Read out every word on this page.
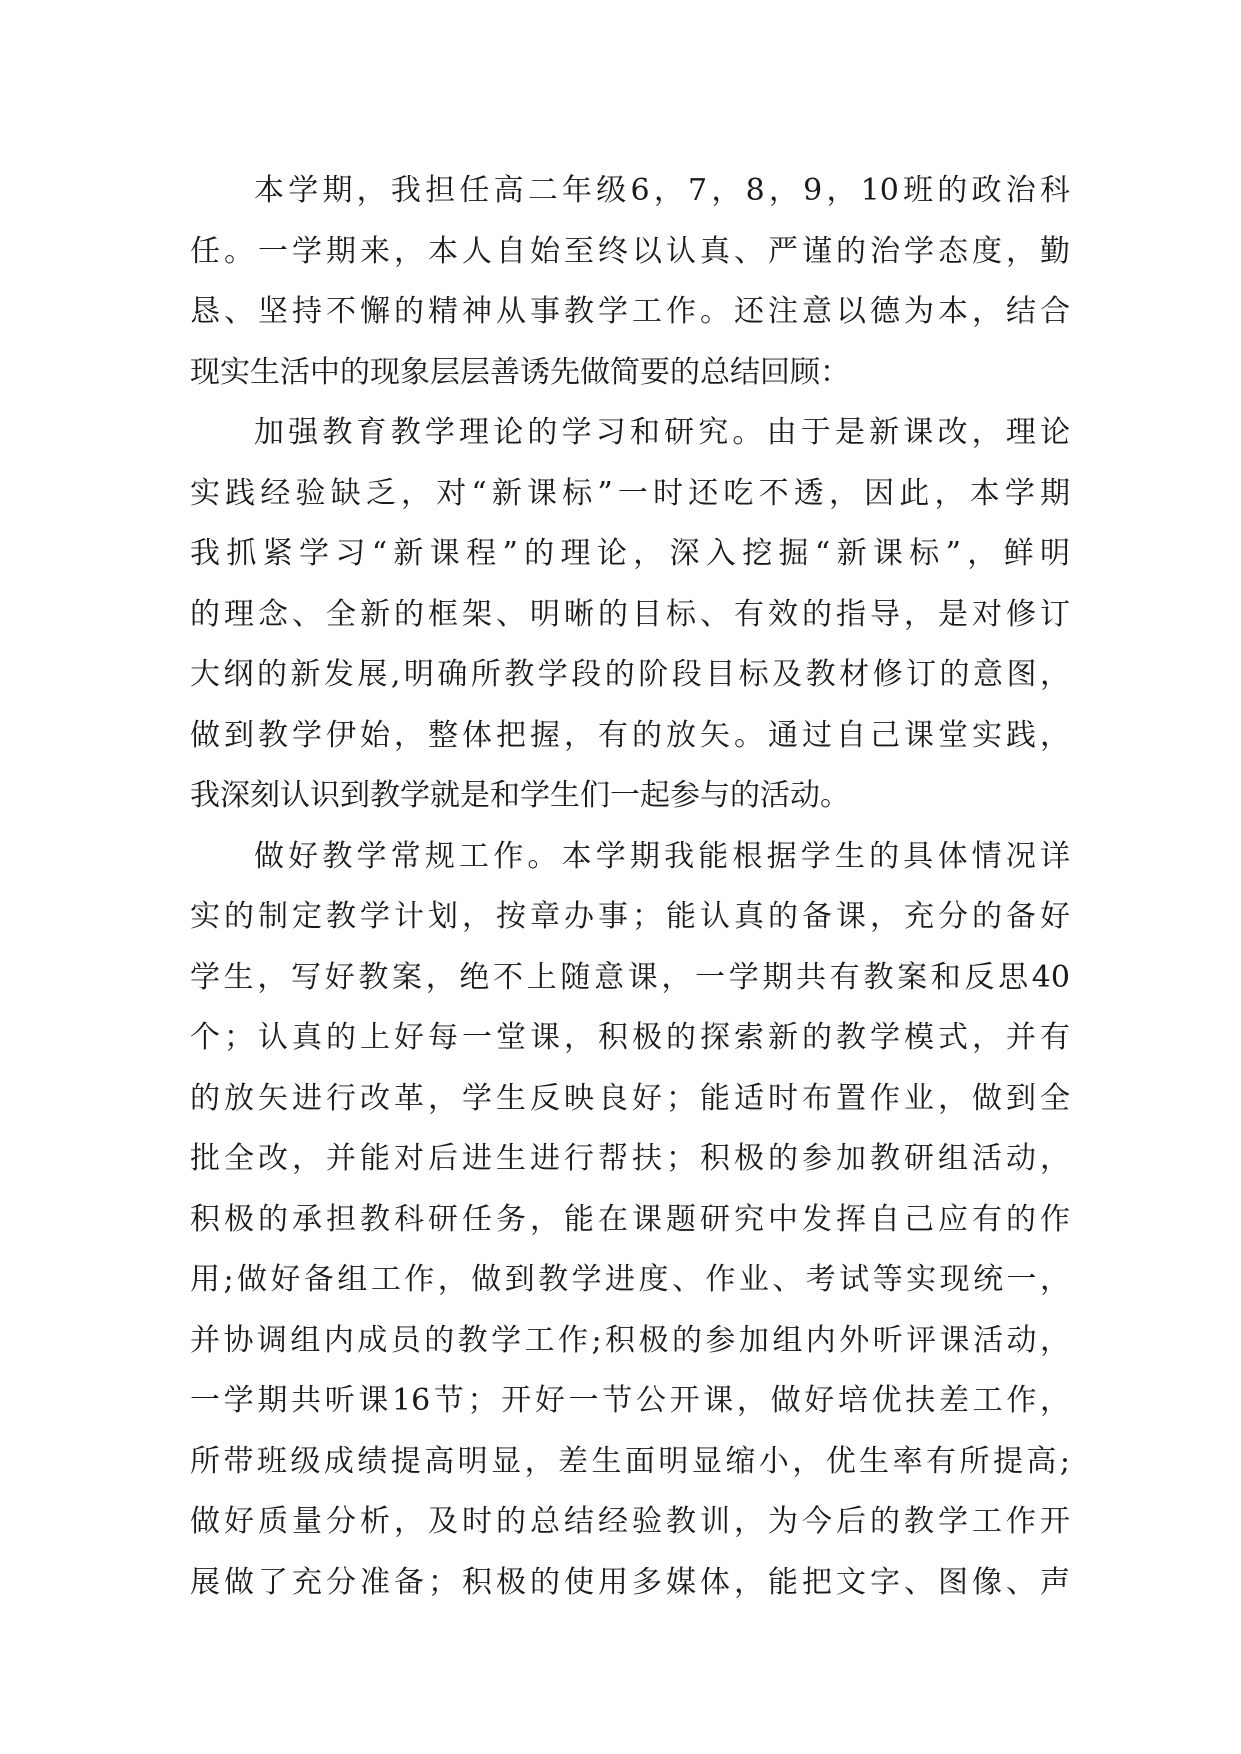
本学期，我担任高二年级6，7，8，9，10班的政治科
任。一学期来，本人自始至终以认真、严谨的治学态度，勤
恳、坚持不懈的精神从事教学工作。还注意以德为本，结合
现实生活中的现象层层善诱先做简要的总结回顾：
加强教育教学理论的学习和研究。由于是新课改，理论
实践经验缺乏，对“新课标”一时还吃不透，因此，本学期
我抓紧学习“新课程”的理论，深入挖掘“新课标”，鲜明
的理念、全新的框架、明晰的目标、有效的指导，是对修订
大纲的新发展,明确所教学段的阶段目标及教材修订的意图，
做到教学伊始，整体把握，有的放矢。通过自己课堂实践，
我深刻认识到教学就是和学生们一起参与的活动。
做好教学常规工作。本学期我能根据学生的具体情况详
实的制定教学计划，按章办事；能认真的备课，充分的备好
学生，写好教案，绝不上随意课，一学期共有教案和反思40
个；认真的上好每一堂课，积极的探索新的教学模式，并有
的放矢进行改革，学生反映良好；能适时布置作业，做到全
批全改，并能对后进生进行帮扶；积极的参加教研组活动，
积极的承担教科研任务，能在课题研究中发挥自己应有的作
用;做好备组工作，做到教学进度、作业、考试等实现统一，
并协调组内成员的教学工作;积极的参加组内外听评课活动，
一学期共听课16节；开好一节公开课，做好培优扶差工作，
所带班级成绩提高明显，差生面明显缩小，优生率有所提高;
做好质量分析，及时的总结经验教训，为今后的教学工作开
展做了充分准备；积极的使用多媒体，能把文字、图像、声
